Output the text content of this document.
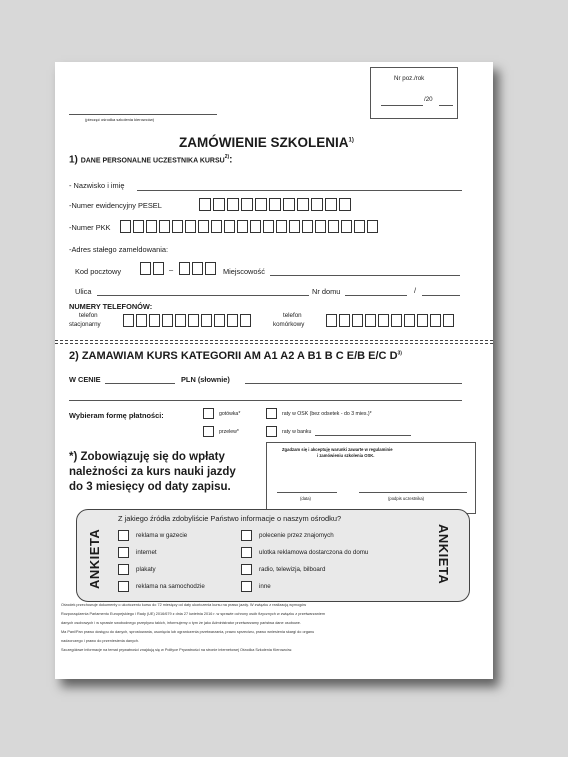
Nr poz./rok
/20
(pieczęć ośrodka szkolenia kierowców)
ZAMÓWIENIE SZKOLENIA$^{1)}$
1) DANE PERSONALNE UCZESTNIKA KURSU$^{2)}$:
- Nazwisko i imię
-Numer ewidencyjny PESEL
-Numer PKK
-Adres stałego zameldowania:
Kod pocztowy	–	Miejscowość
Ulica	Nr domu	/
NUMERY TELEFONÓW:
telefon
stacjonarny
telefon
komórkowy
2) ZAMAWIAM KURS KATEGORII AM A1 A2 A B1 B C E/B E/C $D^{3)}$
W CENIE	PLN (słownie)
Wybieram formę płatności:	gotówka*	raty w OSK (bez odsetek - do 3 mies.)*
przelew*	raty w banku
*) Zobowiązuję się do wpłaty
należności za kurs nauki jazdy
do 3 miesięcy od daty zapisu.
Zgadzam się i akceptuję warunki zawarte w regulaminie
i zamówieniu szkolenia OSK.
(data)	(podpis uczestnika)
ANKIETA	ANKIETA
Z jakiego źródła zdobyliście Państwo informacje o naszym ośrodku?
reklama w gazecie	polecenie przez znajomych
internet	ulotka reklamowa dostarczona do domu
plakaty	radio, telewizja, bilboard
reklama na samochodzie	inne
Ośrodek przechowuje dokumenty o ukończeniu kursu do 72 miesięcy od daty ukończenia kursu na prawo jazdy. W związku z realizacją wymogów
Rozporządzenia Parlamentu Europejskiego i Rady (UE) 2016/679 z dnia 27 kwietnia 2016 r. w sprawie ochrony osób fizycznych w związku z przetwarzaniem
danych osobowych i w sprawie swobodnego przepływu takich, informujemy o tym że jako Administrator przetwarzamy państwa dane osobowe.
Ma Pani/Pan prawo dostępu do danych, sprostowania, usunięcia lub ograniczenia przetwarzania, prawo sprzeciwu, prawo wniesienia skargi do organu
nadzorczego i prawo do przeniesienia danych.
Szczegółowe informacje na temat prywatności znajdują się w Polityce Prywatności na stronie internetowej Ośrodka Szkolenia Kierowców.
